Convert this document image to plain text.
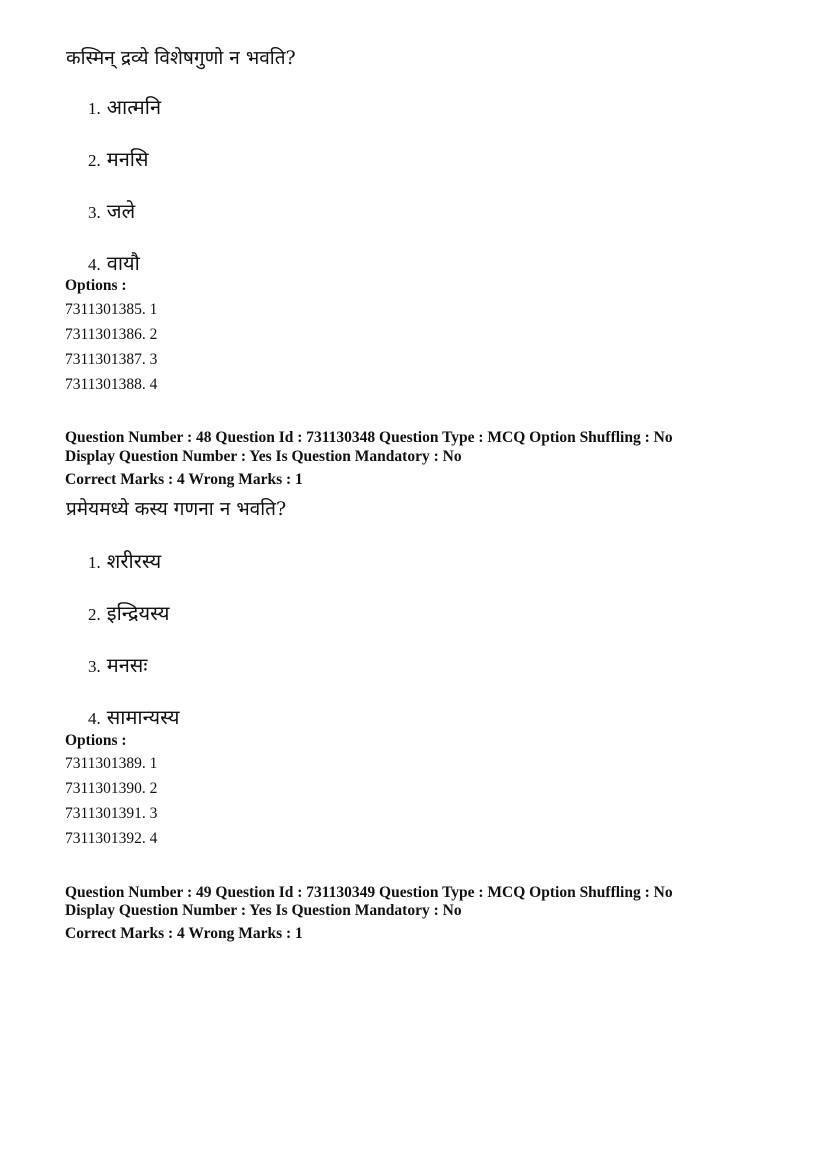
कस्मिन् द्रव्ये विशेषगुणो न भवति?
1. आत्मनि
2. मनसि
3. जले
4. वायौ
Options :
7311301385. 1
7311301386. 2
7311301387. 3
7311301388. 4
Question Number : 48 Question Id : 731130348 Question Type : MCQ Option Shuffling : No
Display Question Number : Yes Is Question Mandatory : No
Correct Marks : 4 Wrong Marks : 1
प्रमेयमध्ये कस्य गणना न भवति?
1. शरीरस्य
2. इन्द्रियस्य
3. मनसः
4. सामान्यस्य
Options :
7311301389. 1
7311301390. 2
7311301391. 3
7311301392. 4
Question Number : 49 Question Id : 731130349 Question Type : MCQ Option Shuffling : No
Display Question Number : Yes Is Question Mandatory : No
Correct Marks : 4 Wrong Marks : 1
